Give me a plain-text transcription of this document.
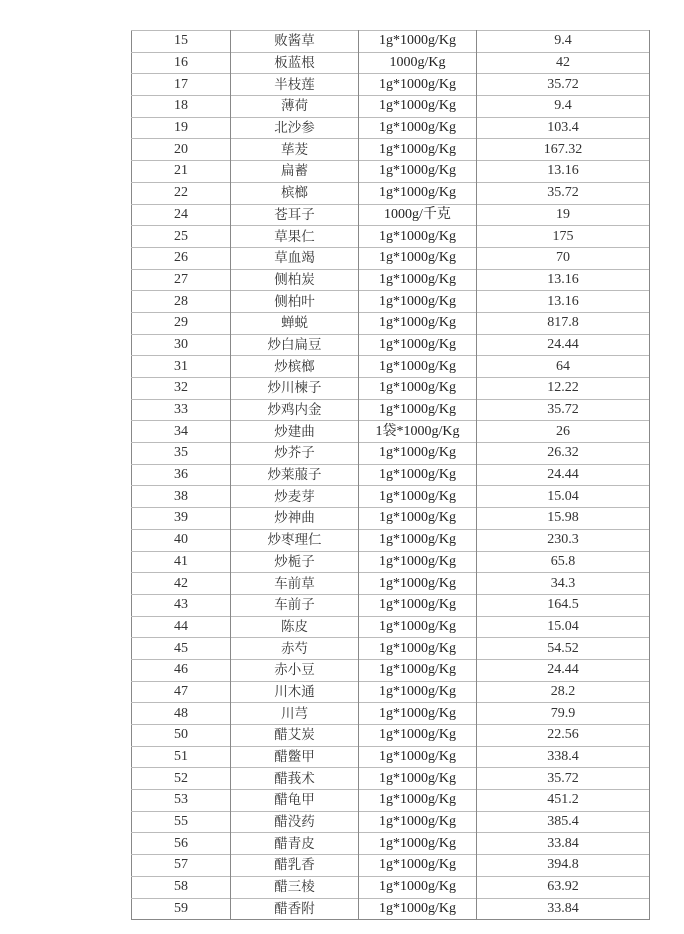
15	败酱草	1g*1000g/Kg	9.4
16	板蓝根	1000g/Kg	42
17	半枝莲	1g*1000g/Kg	35.72
18	薄荷	1g*1000g/Kg	9.4
19	北沙参	1g*1000g/Kg	103.4
20	荜茇	1g*1000g/Kg	167.32
21	扁蓄	1g*1000g/Kg	13.16
22	槟榔	1g*1000g/Kg	35.72
24	苍耳子	1000g/千克	19
25	草果仁	1g*1000g/Kg	175
26	草血竭	1g*1000g/Kg	70
27	侧柏炭	1g*1000g/Kg	13.16
28	侧柏叶	1g*1000g/Kg	13.16
29	蝉蜕	1g*1000g/Kg	817.8
30	炒白扁豆	1g*1000g/Kg	24.44
31	炒槟榔	1g*1000g/Kg	64
32	炒川楝子	1g*1000g/Kg	12.22
33	炒鸡内金	1g*1000g/Kg	35.72
34	炒建曲	1袋*1000g/Kg	26
35	炒芥子	1g*1000g/Kg	26.32
36	炒莱菔子	1g*1000g/Kg	24.44
38	炒麦芽	1g*1000g/Kg	15.04
39	炒神曲	1g*1000g/Kg	15.98
40	炒枣理仁	1g*1000g/Kg	230.3
41	炒栀子	1g*1000g/Kg	65.8
42	车前草	1g*1000g/Kg	34.3
43	车前子	1g*1000g/Kg	164.5
44	陈皮	1g*1000g/Kg	15.04
45	赤芍	1g*1000g/Kg	54.52
46	赤小豆	1g*1000g/Kg	24.44
47	川木通	1g*1000g/Kg	28.2
48	川芎	1g*1000g/Kg	79.9
50	醋艾炭	1g*1000g/Kg	22.56
51	醋鳖甲	1g*1000g/Kg	338.4
52	醋莪术	1g*1000g/Kg	35.72
53	醋龟甲	1g*1000g/Kg	451.2
55	醋没药	1g*1000g/Kg	385.4
56	醋青皮	1g*1000g/Kg	33.84
57	醋乳香	1g*1000g/Kg	394.8
58	醋三棱	1g*1000g/Kg	63.92
59	醋香附	1g*1000g/Kg	33.84
